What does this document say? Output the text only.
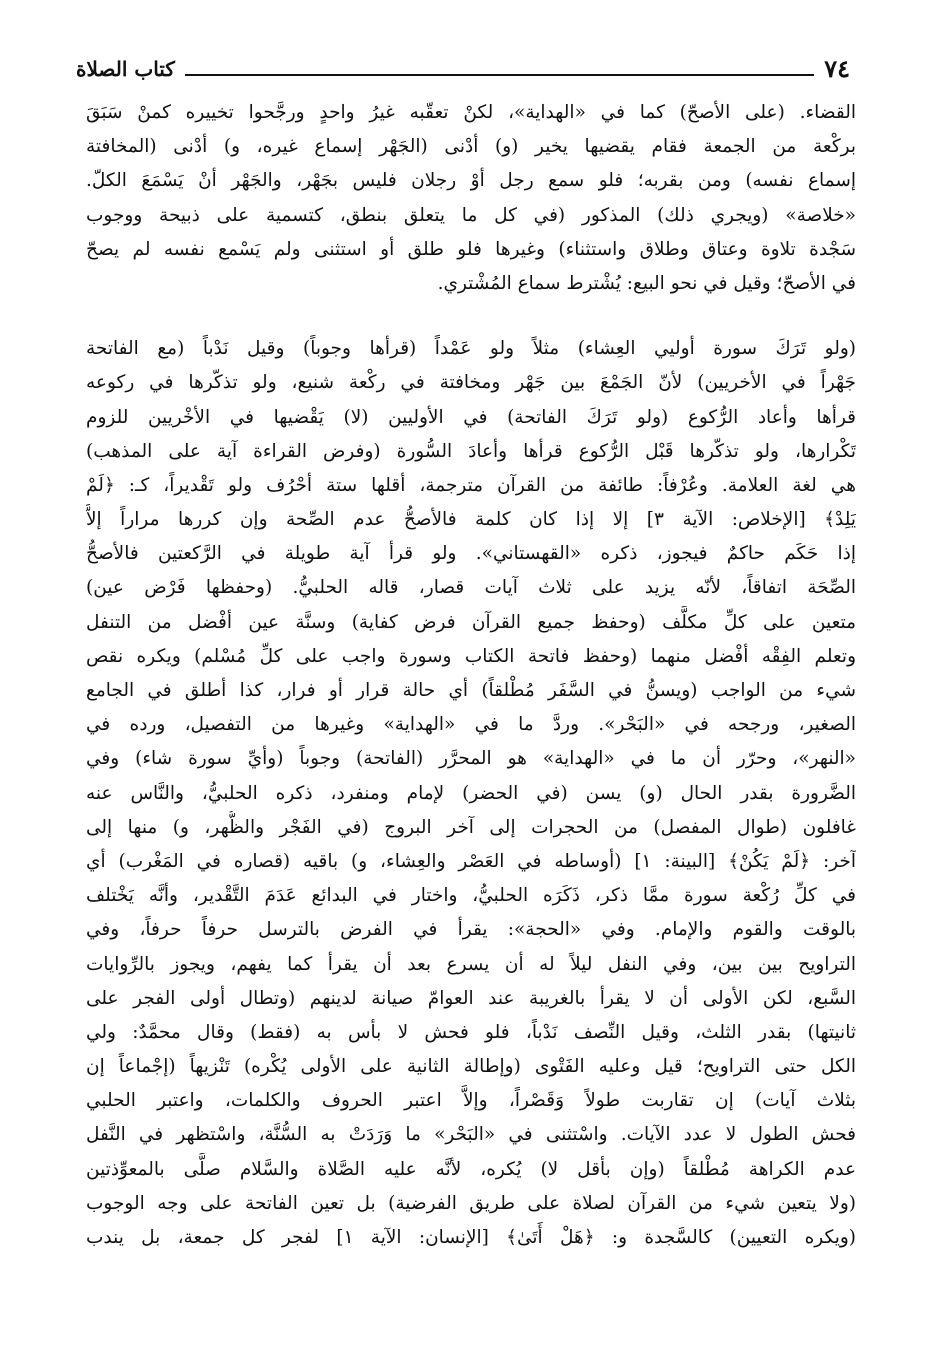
٧٤
كتاب الصلاة
القضاء. (على الأصحّ) كما في «الهداية»، لكنْ تعقّبه غيرُ واحدٍ ورجَّحوا تخييره كمنْ سَبَقَ
بركْعة من الجمعة فقام يقضيها يخير (و) أدْنى (الجَهْر إسماع غيره، و) أدْنى (المخافتة
إسماع نفسه) ومن بقربه؛ فلو سمع رجل أوْ رجلان فليس بجَهْر، والجَهْر أنْ يَسْمَعَ الكلّ.
«خلاصة» (ويجري ذلك) المذكور (في كل ما يتعلق بنطق، كتسمية على ذبيحة ووجوب
سَجْدة تلاوة وعتاق وطلاق واستثناء) وغيرها فلو طلق أو استثنى ولم يَسْمع نفسه لم يصحّ
في الأصحّ؛ وقيل في نحو البيع: يُشْترط سماع المُشْتري.
(ولو تَرَكَ سورة أوليي العِشاء) مثلاً ولو عَمْداً (قرأها وجوباً) وقيل نَدْباً (مع الفاتحة
جَهْراً في الأخريين) لأنّ الجَمْعَ بين جَهْر ومخافتة في ركْعة شنيع، ولو تذكّرها في ركوعه
قرأها وأعاد الرُّكوع (ولو تَرَكَ الفاتحة) في الأوليين (لا) يَقْضيها في الأخْريين للزوم
تَكْرارها، ولو تذكّرها قَبْل الرُّكوع قرأها وأعادَ السُّورة (وفرض القراءة آية على المذهب)
هي لغة العلامة. وعُرْفاً: طائفة من القرآن مترجمة، أقلها ستة أحْرُف ولو تَقْديراً، كـ: ﴿لَمْ
يَلِدْ﴾ [الإخلاص: الآية ٣] إلا إذا كان كلمة فالأصحُّ عدم الصِّحة وإن كررها مراراً إلاَّ
إذا حَكَم حاكمٌ فيجوز، ذكره «القهستاني». ولو قرأ آية طويلة في الرَّكعتين فالأصحُّ
الصِّحَة اتفاقاً، لأنّه يزيد على ثلاث آيات قصار، قاله الحلبيُّ. (وحفظها فَرْض عين)
متعين على كلِّ مكلَّف (وحفظ جميع القرآن فرض كفاية) وسنَّة عين أفْضل من التنفل
وتعلم الفِقْه أفْضل منهما (وحفظ فاتحة الكتاب وسورة واجب على كلِّ مُسْلم) ويكره نقص
شيء من الواجب (ويسنُّ في السَّفَر مُطْلقاً) أي حالة قرار أو فرار، كذا أطلق في الجامع
الصغير، ورجحه في «البَحْر». وردَّ ما في «الهداية» وغيرها من التفصيل، ورده في
«النهر»، وحرّر أن ما في «الهداية» هو المحرَّر (الفاتحة) وجوباً (وأيِّ سورة شاء) وفي
الضَّرورة بقدر الحال (و) يسن (في الحضر) لإمام ومنفرد، ذكره الحلبيُّ، والنَّاس عنه
غافلون (طوال المفصل) من الحجرات إلى آخر البروج (في الفَجْر والظُّهر، و) منها إلى
آخر: ﴿لَمْ يَكُنْ﴾ [البينة: ١] (أوساطه في العَصْر والعِشاء، و) باقيه (قصاره في المَغْرب) أي
في كلِّ رُكْعة سورة ممَّا ذكر، ذَكَرَه الحلبيُّ، واختار في البدائع عَدَمَ التَّقْدير، وأنَّه يَخْتلف
بالوقت والقوم والإمام. وفي «الحجة»: يقرأ في الفرض بالترسل حرفاً حرفاً، وفي
التراويح بين بين، وفي النفل ليلاً له أن يسرع بعد أن يقرأ كما يفهم، ويجوز بالرِّوايات
السَّبع، لكن الأولى أن لا يقرأ بالغريبة عند العوامّ صيانة لدينهم (وتطال أولى الفجر على
ثانيتها) بقدر الثلث، وقيل النِّصف نَدْباً، فلو فحش لا بأس به (فقط) وقال محمَّدٌ: ولي
الكل حتى التراويح؛ قيل وعليه الفَتْوى (وإطالة الثانية على الأولى يُكْره) تَنْزيهاً (إجْماعاً إن
بثلاث آيات) إن تقاربت طولاً وَقَصْراً، وإلاَّ اعتبر الحروف والكلمات، واعتبر الحلبي
فحش الطول لا عدد الآيات. واسْتثنى في «البَحْر» ما وَرَدَتْ به السُّنَّة، واسْتظهر في النَّفل
عدم الكراهة مُطْلقاً (وإن بأقل لا) يُكره، لأنَّه عليه الصَّلاة والسَّلام صلَّى بالمعوِّذتين
(ولا يتعين شيء من القرآن لصلاة على طريق الفرضية) بل تعين الفاتحة على وجه الوجوب
(ويكره التعيين) كالسَّجدة و: ﴿هَلْ أَتَىٰ﴾ [الإنسان: الآية ١] لفجر كل جمعة، بل يندب
